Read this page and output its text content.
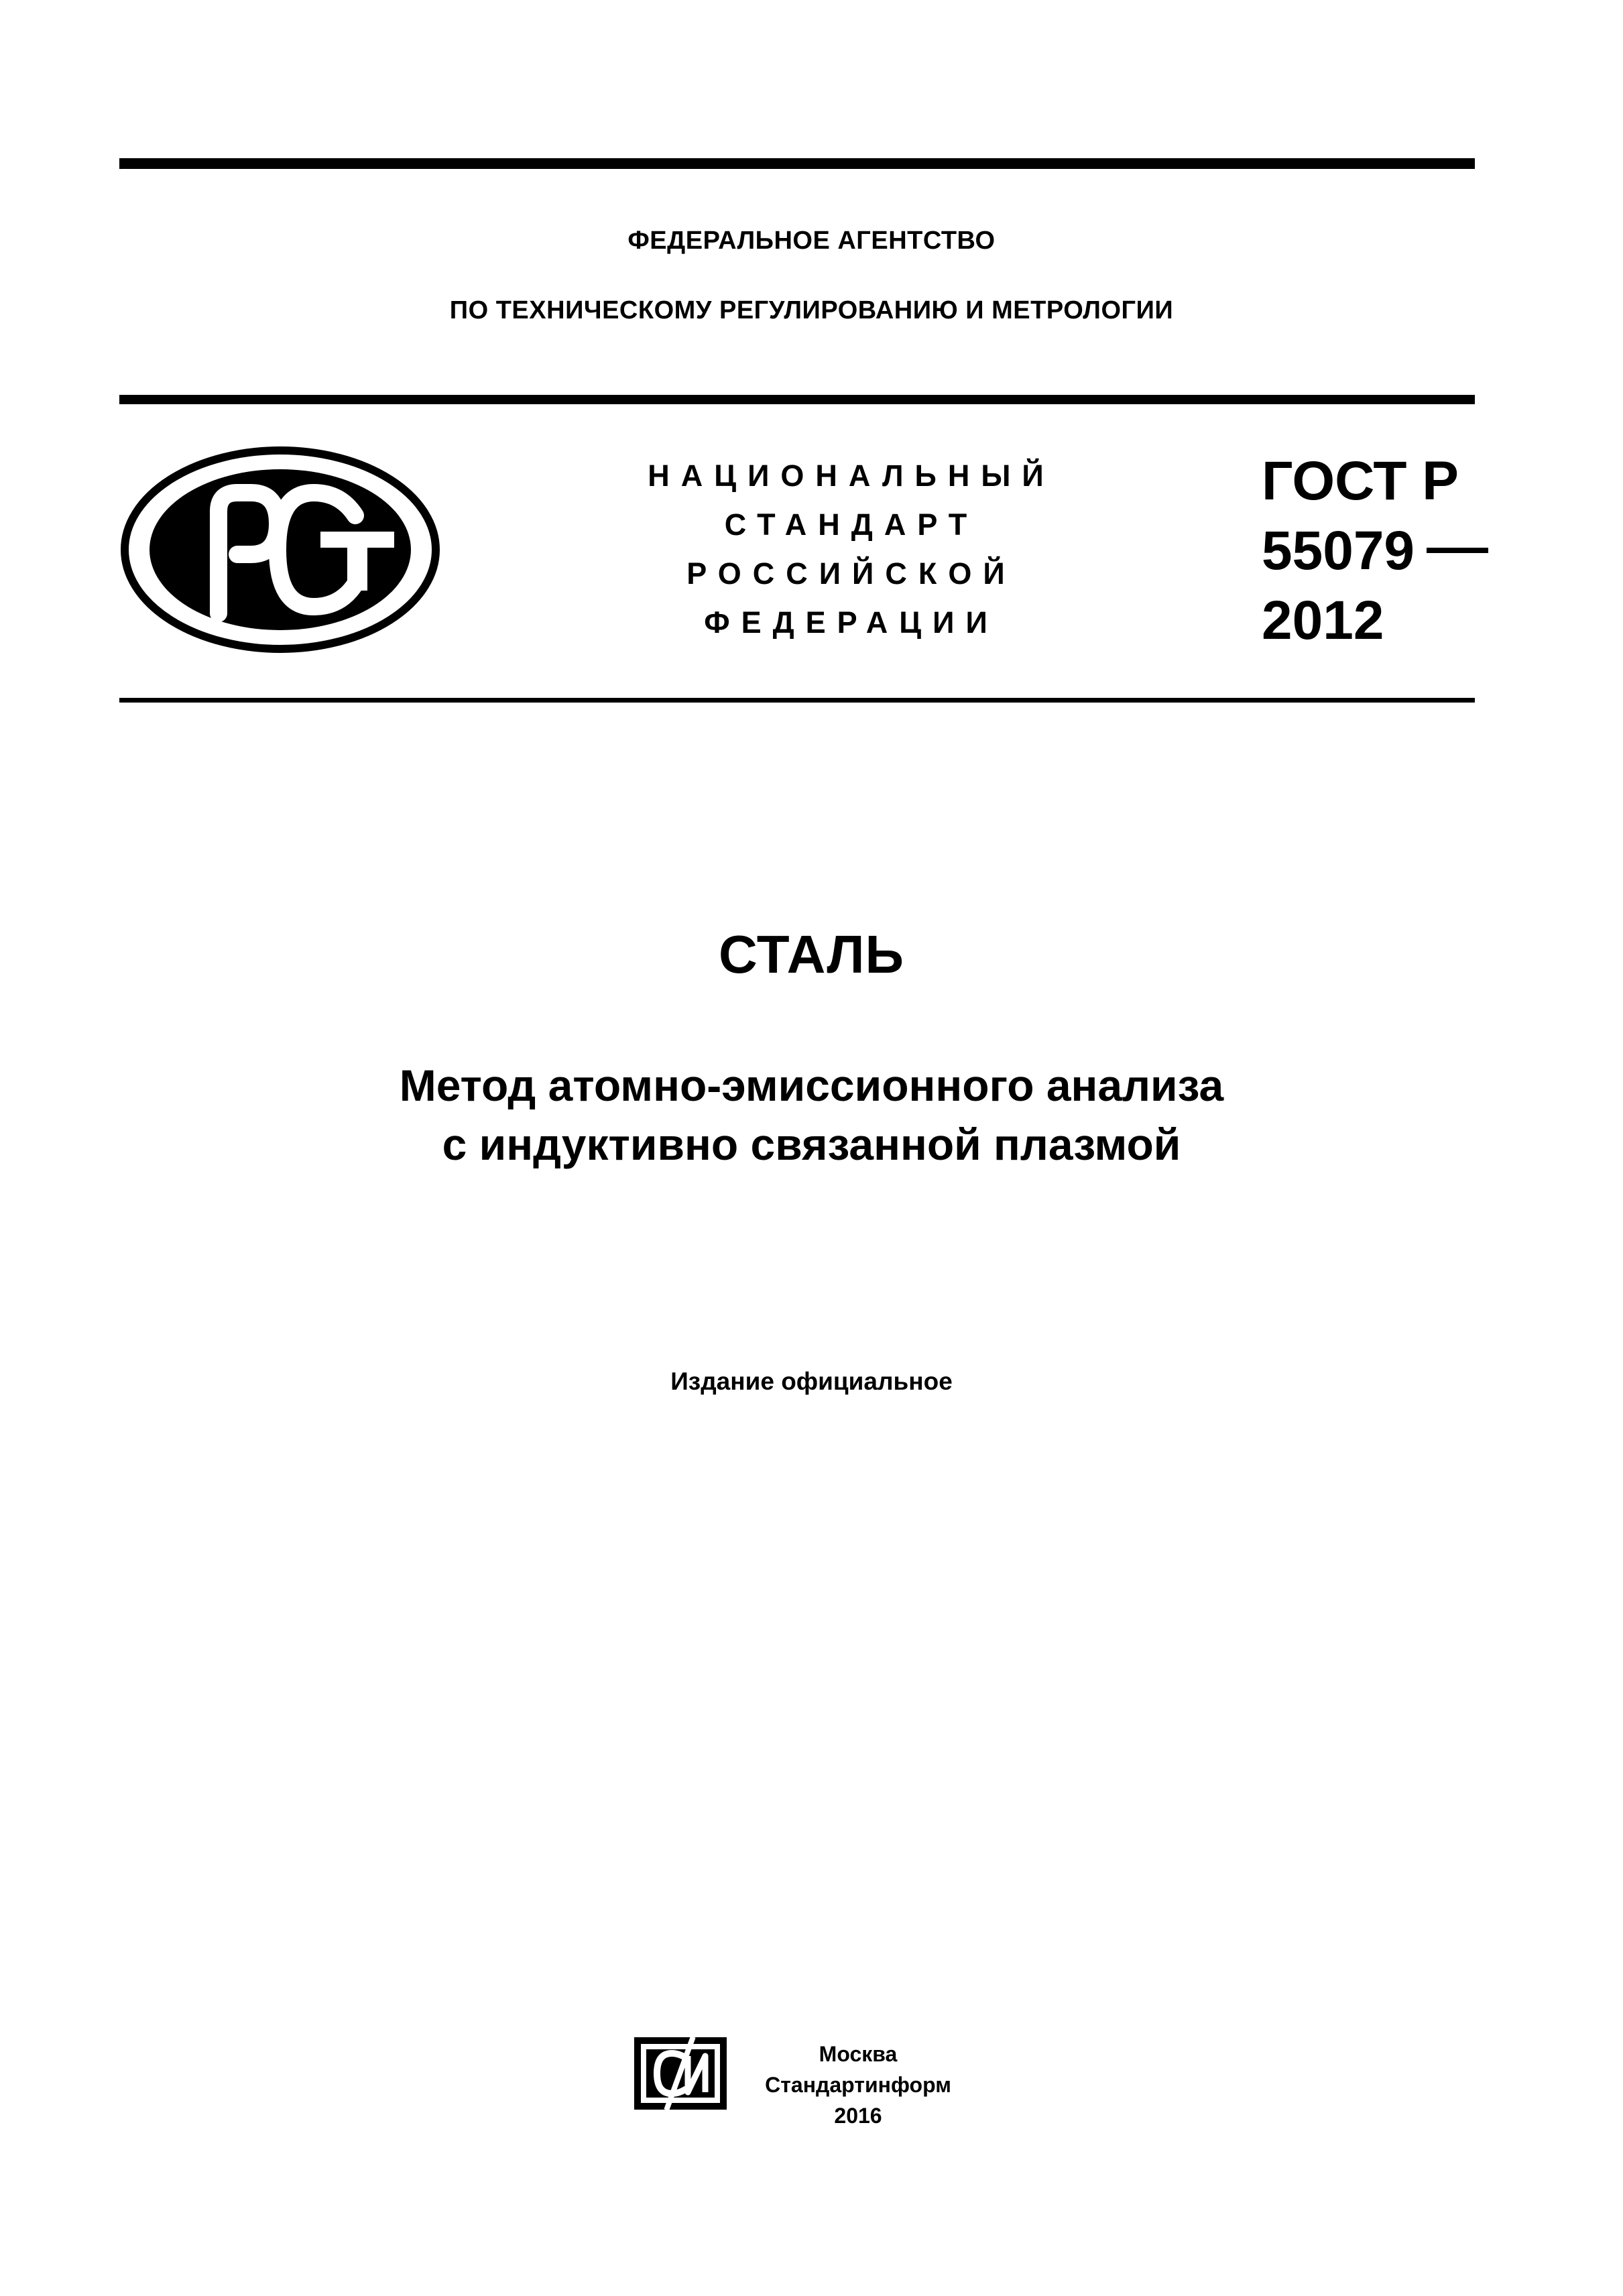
ФЕДЕРАЛЬНОЕ АГЕНТСТВО
ПО ТЕХНИЧЕСКОМУ РЕГУЛИРОВАНИЮ И МЕТРОЛОГИИ
НАЦИОНАЛЬНЫЙ
СТАНДАРТ
РОССИЙСКОЙ
ФЕДЕРАЦИИ
ГОСТ Р
55079
2012
СТАЛЬ
Метод атомно-эмиссионного анализа
с индуктивно связанной плазмой
Издание официальное
Москва
Стандартинформ
2016
